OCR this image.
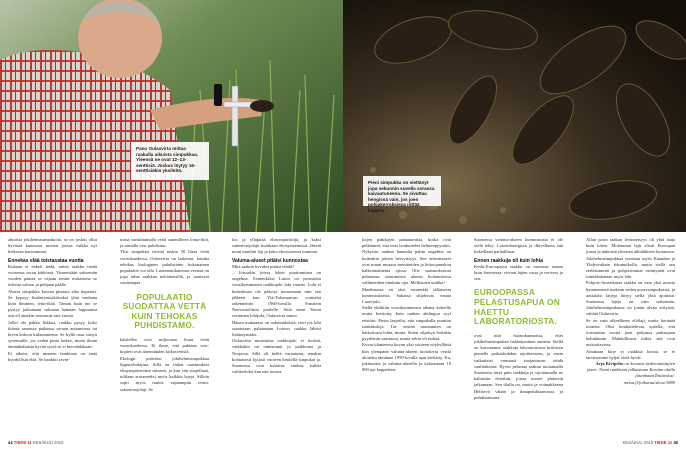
Panu Oulasvirta mittaa raakulla aikuista simpukkaa. Yleensä ne ovat 12–13-senttisiä. Joskus löytyy 16-senttisiäkin yksilöitä.
Pieni simpukka on viettänyt jopa sekunnin suvella sorassa kaivautuneena. Se sivuttaa hengissä vain, jos joen pohjakerroksissa riittää happea.

aikuista jokihelmisimpukoita, se on joskus ollut hyvässä kunnossa monen joessa vaikka nyt heikossa huonommat.

Ennekas elää toistasataa vuotta

Kukaan ei enkeli tiedä, miten raakku tietää vuosensa soran kätkössä. Viimeistään seitsemän vuoden päästä se vajaan sentin mittaisena se tulevaa valoon ja pohjaan päälle.

Aluvia simpukka kasvaa pitaasta aika nopeasti. Se kypsyy lisääntymisikäiseksi yhtä vanhana kuin ihminen, teini-ikää. Tämän kuin me se pystyy jatkamaan sukuaan hamaan loppuunsa asti eli ainakin seuraavat sata vuotta.

Jollei ole pakko liikkua, raakku pysyy koko ikänsä samassa paikassa soraan auttamossa tai kiven koloon kiilautuneena. Se kyllä osaa siirtyä syventaille, jos veden pinta laskee, mutta ilman tämänkaltaista hyvää syytä se ei hievahdakaan.

Ei aikeisi, että meneen lainkinaa on enää hyödyllisiä elää. Se hankkii ravin-

tonsa suodattamalla vettä suunnilleen loma-liträ, ja samalla vesi puhdistuu.

Yksi simpukka siivittä tuskin 50 litraa vettä vuorokaudessa. Oulasvirta on laskenut, kuinka tehokas biologinen puhdistamo kokonainen populaatio voi olla. Luonnontilainensa vesissä on jopa tuhat raakkua neliömetrillä, ja saattavat suodattajaa

POPULAATIO SUODATTAA VETTÄ KUIN TEHOKAS PUHDISTAMO.

käsitellee viisi miljoonaa litraa vettä vuorokaudessa. Ei ihme, että puhtaan vesi-kopteri ovat ääremättäen kirkasvetisiä.

Ekologit pitäviksi jokihelmisimpukkaa lipputalvalajina. Sillä on tiukat vaatimukset elinympäristönsä suhteen, ja kun sitä suojellaan, tulilaan aurtaneeksi myös kaikkia lajeja. Silloin sopii myös tuntea vapaampiin termi: sateenvarjolaji. Se

luo ja ylläpitää elinympäristöjä, ja kaksi sateenvarjolajit kuinkaan ekosysteemissä. Jäävät moni muulini laji ja koko ekosysteemi muuttuu.

Valuma-alueet pitäisi kunnostaa

Mitä raakun hyväksi pitäisi tehdä?

– Joissakin joissa lohen puuttuminen on ongelma. Esimerkiksi Luton on perustettu vuosikymmenen raakkujoki laki vaaran. Lohi ei kuitenkaan ole päässyt nousemaan niin sen jälkeen kun Ylä-Tulomanvan voimalat rakennettiin 1960-luvulla Simatein Neuvostoliiton puolelle. Siitä meni Tenon vernimen lohijoki, Oulasvirta sanoo.

Hänen mukaansa on todennäköistä, ettei jos lohi saaatetaan palaamaan Lutoon, raakku lähtisi lisääntymään.

Oulasvirta muistuttaa raakkujoki ei tiedetä, vaikkakin on onnistunut jo paikkuuta ja Norjassa. Sillä oli heiltä varautuisa, tenakin kohtaisesti kyljisii vuoteen keskellä simpukat ja. Suomessa ovat kalastus vanhaa kaikki vaihtoehdot kun näe nostoa

kojen paikkojen palautamista, koska ovat pelätäneet, että tieto houkuttelee helmenpyyntiin.

Nykyisin raakun kannalta pahin ongelma on kuitenkin jokien hervyttsyys. Sen aiheuttaneet ovat muun muassa metsäteiden ja hiitoojamekon halkeamatneina ojissa. Oliv saasmokeavaa puhtaassa saastumista alueen hoitamisessa vallinneiden niinkuin ojia. Melkoinen urakka!

Maailmassa on yksi esimerkki tällaisesta kunnostuksesta. Sakassa siljafisvar vastaa Luxerjoki.

Siellä ehdittiin vuosikymmenen aikana kokeilla mutta kerriotta, kuin raakun ahdingon syyt etsittiin. Ensin laajoilta, että simpukalla puuttuu isäntäkaloja. Tai- ensinä muutamien on katkottusta lohta, mutta. Sitten vilpittyä Sottakia pyydettiin saastussa, mutta sekin oli turhaa.

Kuvat tilanteessa kuvan yksi vuoteen nöyhylläisä kun ylempänä valuma-alueen hoitokerta veistä aloitettu tämänne 1950-luvulla ajan kieltätty. Ku, jokitaseita ja valuma-alueella ja kalastetaan 10 000 nyt kappaleen.

Suomessa valuma-alueen kunnostuista ei ole vielä tehty. Luxembourgissa ja ilkivallassa sitä kokeillaan parhaillaan.

Ennen raakkuja oli kuin lohia

Keski-Euroopassa raakku on vaarassa samaa kuin Suomessa: vieraat lajien vasta ja verivesi jo sen.

EUROOPASSA PELASTUSAPUA ON HAETTU LABORATORIOSTA.

ovat niin huonokunnaisia, ettei jokihelmisimpukan lisääntyminen onnistu. Siellä on kasvattanut raakkuja laboratoriossa kriittisen pienelle poikaskohdan rajoitteeseen, ja ensin vaikuttaisi varmasti suojautuvan tehdä vaalitahonsa. Hyvin pelastaa raakun tuottamalla Suomessa tässä päin raakkuja ja sijoittamalla ne kaltaisiin ehtoihin, joissa nuoret pääsevät jatkamaan. Sen tilalla on, mutta ja voimakkeena Helisevä vähän ja ilmapuhdistamossa ja puhdistamona.

Allan parin raakun levinneisyys oli yhtä laaja kuin lohen. Molemmat lajit elivät Euroopan joissa ja näköisiä yhteisen alkulähteen luonnossa. Jokihelmisimpukkaa tavataan myös Kanadan ja Yhdysvaltain itärannikolla, mutta siellä sen eteläisimmät ja pohjoisimmat esiintymät ovat isäntäkalanaan myös lohi.

Pohjois-Amerikassa raakku on vain yksi useista kymmenestä makean veden nuorvsimpukoista, ja aasialalsi laijeja liitryy siellä yhtä ajoittain. Suomessa lajeja on vain seitsemän. Jokihelmisimpukassa on jotain alvan erityistä, väittää Oulasvirta.

Se on vain alkeellinen eliölaji, mutta heränää tunteita. Ohsi houkuttelevaa ajatella, että toistasataa vuotta joen pohjassa pultaajaan kehittämän. Mahdollisuus tutkia sitä ovat uutisoitavissa.

Ainakaan kirje ei raakkua kiosta, se ei tarvitsemme hyljät vielä hyvät.

Arja Kivipelto on Suomen tiedetoimittajien jäsen. Tämä raakkumi julkaistaan Kemian alalla jäsenhaun Riittävästi: metsa.fi/joikaraa/show/1889

44 TIEDE 11 KESÄKUU 2015	KESÄKUU 2015 TIEDE 11 45
